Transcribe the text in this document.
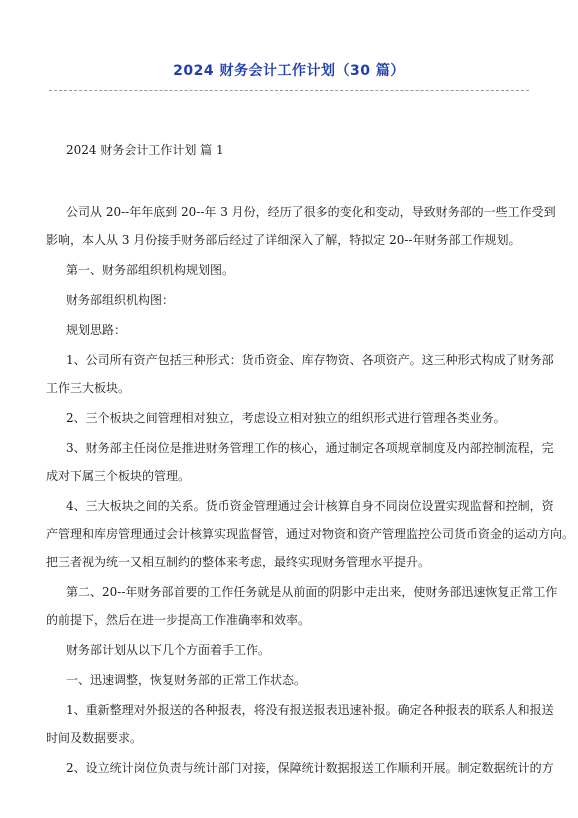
2024 财务会计工作计划（30 篇）

2024 财务会计工作计划 篇 1

公司从 20--年年底到 20--年 3 月份，经历了很多的变化和变动，导致财务部的一些工作受到
影响，本人从 3 月份接手财务部后经过了详细深入了解，特拟定 20--年财务部工作规划。
第一、财务部组织机构规划图。
财务部组织机构图：
规划思路：
1、公司所有资产包括三种形式：货币资金、库存物资、各项资产。这三种形式构成了财务部
工作三大板块。
2、三个板块之间管理相对独立，考虑设立相对独立的组织形式进行管理各类业务。
3、财务部主任岗位是推进财务管理工作的核心，通过制定各项规章制度及内部控制流程，完
成对下属三个板块的管理。
4、三大板块之间的关系。货币资金管理通过会计核算自身不同岗位设置实现监督和控制，资
产管理和库房管理通过会计核算实现监督管，通过对物资和资产管理监控公司货币资金的运动方向。
把三者视为统一又相互制约的整体来考虑，最终实现财务管理水平提升。
第二、20--年财务部首要的工作任务就是从前面的阴影中走出来，使财务部迅速恢复正常工作
的前提下，然后在进一步提高工作准确率和效率。
财务部计划从以下几个方面着手工作。
一、迅速调整，恢复财务部的正常工作状态。
1、重新整理对外报送的各种报表，将没有报送报表迅速补报。确定各种报表的联系人和报送
时间及数据要求。
2、设立统计岗位负责与统计部门对接，保障统计数据报送工作顺利开展。制定数据统计的方
